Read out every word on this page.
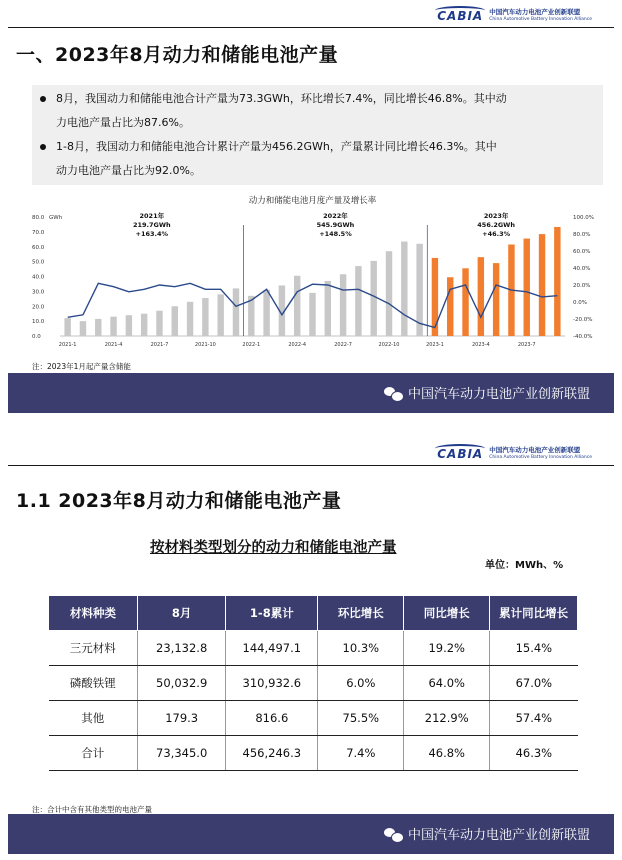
CABIA 中国汽车动力电池产业创新联盟
China Automotive Battery Innovation Alliance
一、2023年8月动力和储能电池产量
8月，我国动力和储能电池合计产量为73.3GWh，环比增长7.4%，同比增长46.8%。其中动
力电池产量占比为87.6%。
1-8月，我国动力和储能电池合计累计产量为456.2GWh，产量累计同比增长46.3%。其中
动力电池产量占比为92.0%。
动力和储能电池月度产量及增长率
80.0
70.0
60.0
50.0
40.0
30.0
20.0
10.0
0.0
GWh	100.0%
80.0%
60.0%
40.0%
20.0%
0.0%
-20.0%
-40.0%
2021-1	2021-4	2021-7	2021-10	2022-1	2022-4	2022-7	2022-10	2023-1	2023-4	2023-7
2021年
219.7GWh
+163.4%
2022年
545.9GWh
+148.5%
2023年
456.2GWh
+46.3%
注：2023年1月起产量含储能
中国汽车动力电池产业创新联盟
CABIA 中国汽车动力电池产业创新联盟
China Automotive Battery Innovation Alliance
1.1 2023年8月动力和储能电池产量
按材料类型划分的动力和储能电池产量
单位：MWh、%
材料种类	8月	1-8累计	环比增长	同比增长	累计同比增长
三元材料	23,132.8	144,497.1	10.3%	19.2%	15.4%
磷酸铁锂	50,032.9	310,932.6	6.0%	64.0%	67.0%
其他	179.3	816.6	75.5%	212.9%	57.4%
合计	73,345.0	456,246.3	7.4%	46.8%	46.3%
注：合计中含有其他类型的电池产量
中国汽车动力电池产业创新联盟
